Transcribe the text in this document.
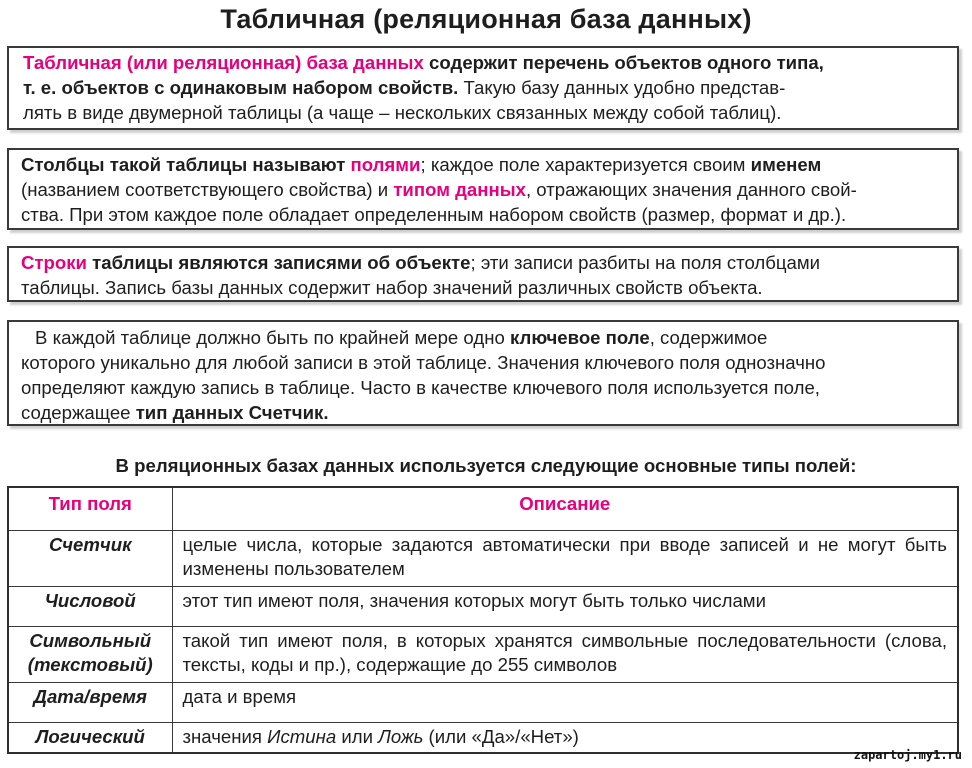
Табличная (реляционная база данных)
Табличная (или реляционная) база данных содержит перечень объектов одного типа,
т. е. объектов с одинаковым набором свойств. Такую базу данных удобно представ-
лять в виде двумерной таблицы (а чаще – нескольких связанных между собой таблиц).
Столбцы такой таблицы называют полями; каждое поле характеризуется своим именем
(названием соответствующего свойства) и типом данных, отражающих значения данного свой-
ства. При этом каждое поле обладает определенным набором свойств (размер, формат и др.).
Строки таблицы являются записями об объекте; эти записи разбиты на поля столбцами
таблицы. Запись базы данных содержит набор значений различных свойств объекта.
В каждой таблице должно быть по крайней мере одно ключевое поле, содержимое
которого уникально для любой записи в этой таблице. Значения ключевого поля однозначно
определяют каждую запись в таблице. Часто в качестве ключевого поля используется поле,
содержащее тип данных Счетчик.

В реляционных базах данных используется следующие основные типы полей:

Тип поля	Описание
Счетчик	целые числа, которые задаются автоматически при вводе записей и не могут быть изменены пользователем
Числовой	этот тип имеют поля, значения которых могут быть только числами
Символьный (текстовый)	такой тип имеют поля, в которых хранятся символьные последовательности (слова, тексты, коды и пр.), содержащие до 255 символов
Дата/время	дата и время
Логический	значения Истина или Ложь (или «Да»/«Нет»)
zapartoj.my1.ru
